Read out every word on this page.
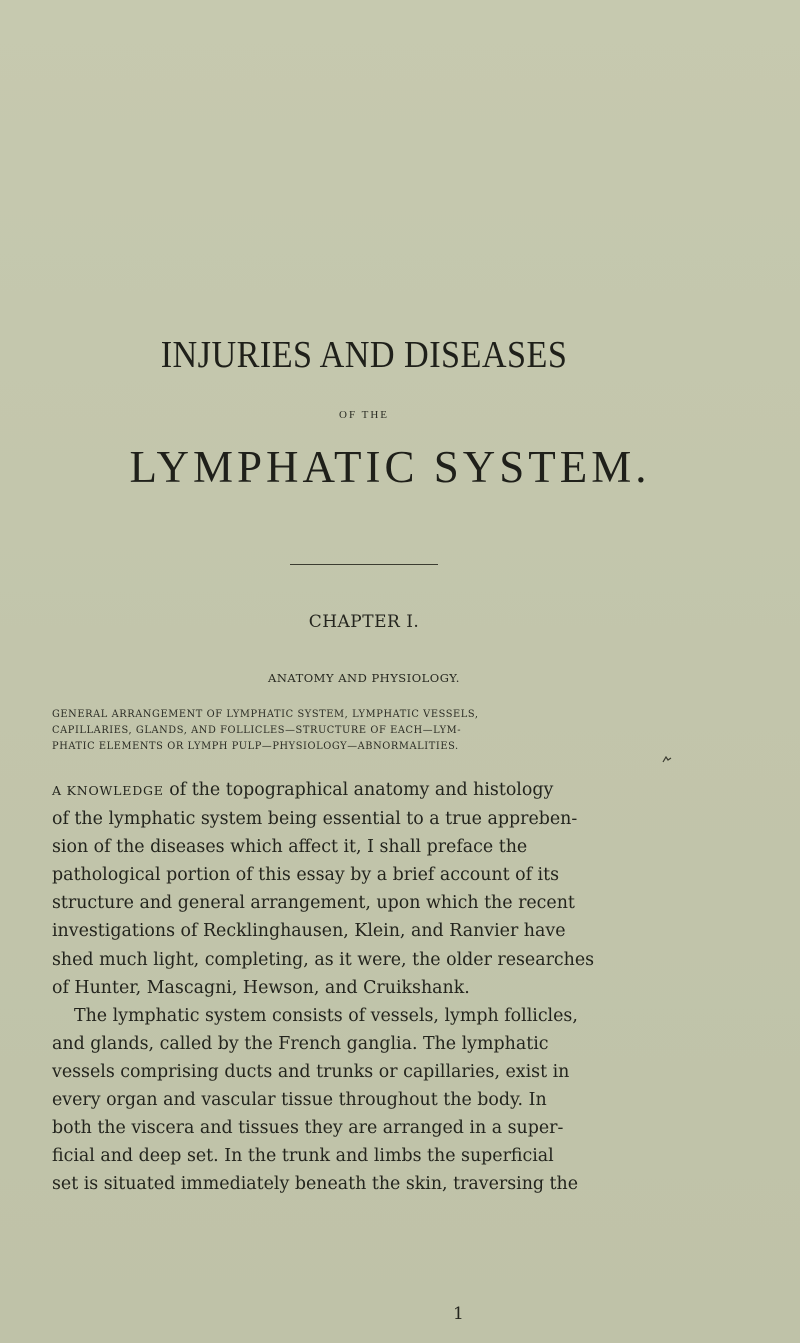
INJURIES AND DISEASES
OF THE
LYMPHATIC SYSTEM.
CHAPTER I.
ANATOMY AND PHYSIOLOGY.
GENERAL ARRANGEMENT OF LYMPHATIC SYSTEM, LYMPHATIC VESSELS,
CAPILLARIES, GLANDS, AND FOLLICLES—STRUCTURE OF EACH—LYM-
PHATIC ELEMENTS OR LYMPH PULP—PHYSIOLOGY—ABNORMALITIES.
A KNOWLEDGE of the topographical anatomy and histology
of the lymphatic system being essential to a true appreben-
sion of the diseases which affect it, I shall preface the
pathological portion of this essay by a brief account of its
structure and general arrangement, upon which the recent
investigations of Recklinghausen, Klein, and Ranvier have
shed much light, completing, as it were, the older researches
of Hunter, Mascagni, Hewson, and Cruikshank.
The lymphatic system consists of vessels, lymph follicles,
and glands, called by the French ganglia. The lymphatic
vessels comprising ducts and trunks or capillaries, exist in
every organ and vascular tissue throughout the body. In
both the viscera and tissues they are arranged in a super-
ficial and deep set. In the trunk and limbs the superficial
set is situated immediately beneath the skin, traversing the
1
